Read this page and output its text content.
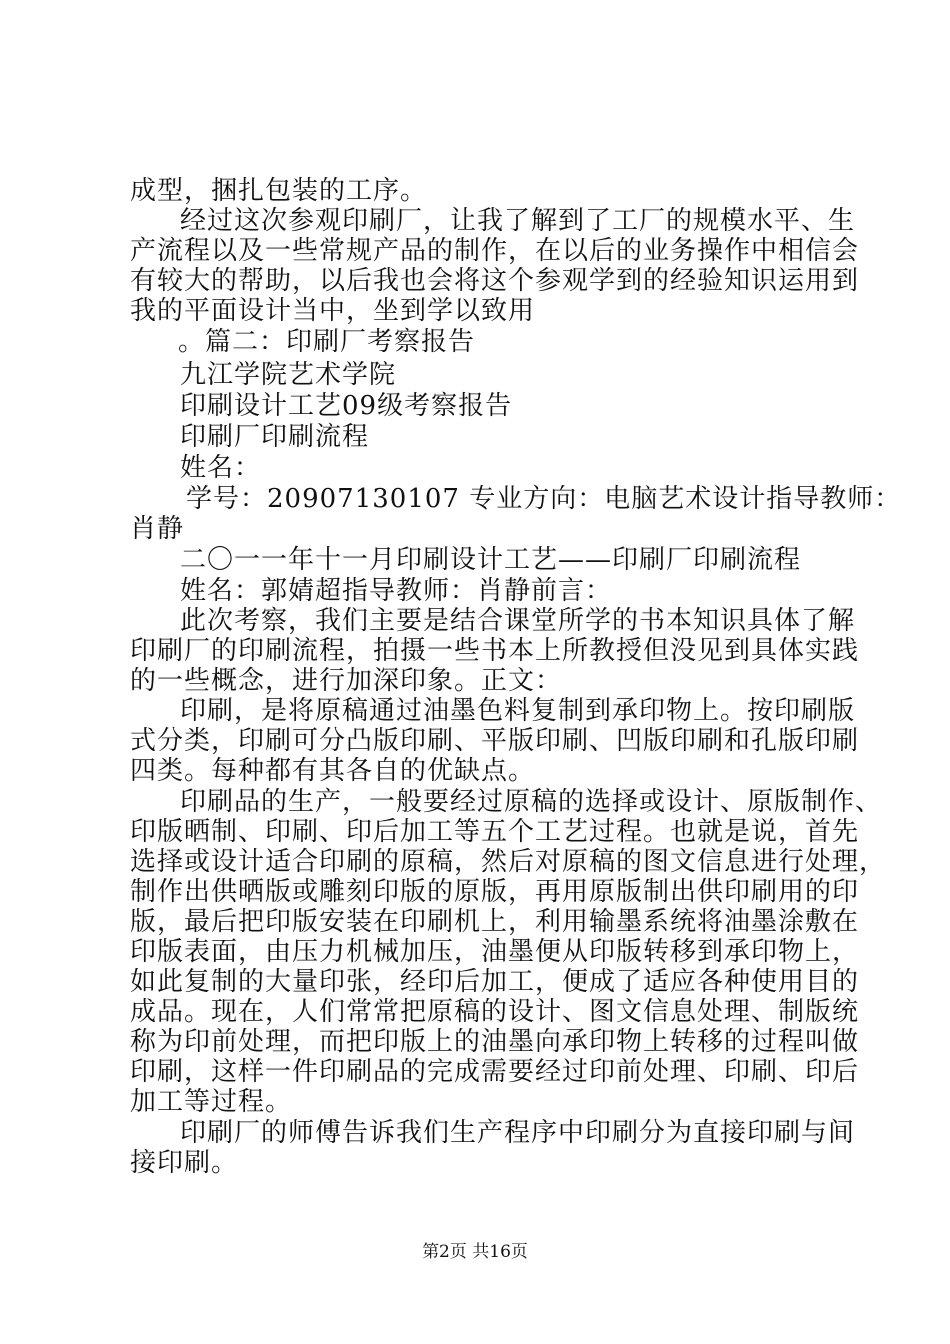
成型，捆扎包装的工序。
经过这次参观印刷厂，让我了解到了工厂的规模水平、生
产流程以及一些常规产品的制作，在以后的业务操作中相信会
有较大的帮助，以后我也会将这个参观学到的经验知识运用到
我的平面设计当中，坐到学以致用
。篇二：印刷厂考察报告
九江学院艺术学院
印刷设计工艺09级考察报告
印刷厂印刷流程
姓名：
学号：20907130107 专业方向：电脑艺术设计指导教师：
肖静
二〇一一年十一月印刷设计工艺——印刷厂印刷流程
姓名：郭婧超指导教师：肖静前言：
此次考察，我们主要是结合课堂所学的书本知识具体了解
印刷厂的印刷流程，拍摄一些书本上所教授但没见到具体实践
的一些概念，进行加深印象。正文：
印刷，是将原稿通过油墨色料复制到承印物上。按印刷版
式分类，印刷可分凸版印刷、平版印刷、凹版印刷和孔版印刷
四类。每种都有其各自的优缺点。
印刷品的生产，一般要经过原稿的选择或设计、原版制作、
印版晒制、印刷、印后加工等五个工艺过程。也就是说，首先
选择或设计适合印刷的原稿，然后对原稿的图文信息进行处理，
制作出供晒版或雕刻印版的原版，再用原版制出供印刷用的印
版，最后把印版安装在印刷机上，利用输墨系统将油墨涂敷在
印版表面，由压力机械加压，油墨便从印版转移到承印物上，
如此复制的大量印张，经印后加工，便成了适应各种使用目的
成品。现在，人们常常把原稿的设计、图文信息处理、制版统
称为印前处理，而把印版上的油墨向承印物上转移的过程叫做
印刷，这样一件印刷品的完成需要经过印前处理、印刷、印后
加工等过程。
印刷厂的师傅告诉我们生产程序中印刷分为直接印刷与间
接印刷。
第2页 共16页
